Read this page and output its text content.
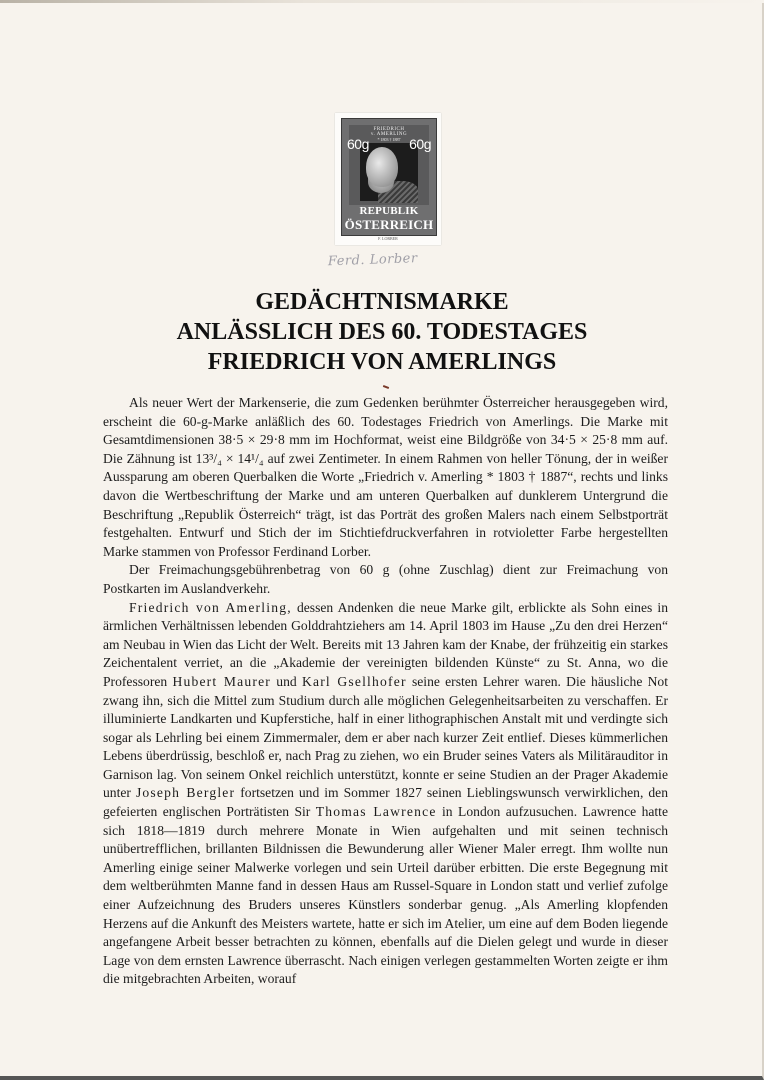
FRIEDRICH
v. AMERLING
* 1803 † 1887
60g	60g
REPUBLIK
ÖSTERREICH
F. LORBER
Ferd. Lorber
GEDÄCHTNISMARKE
ANLÄSSLICH DES 60. TODESTAGES
FRIEDRICH VON AMERLINGS

Als neuer Wert der Markenserie, die zum Gedenken berühmter Österreicher herausgegeben wird, erscheint die 60-g-Marke anläßlich des 60. Todestages Friedrich von Amerlings. Die Marke mit Gesamtdimensionen 38·5 × 29·8 mm im Hochformat, weist eine Bildgröße von 34·5 × 25·8 mm auf. Die Zähnung ist 13³/₄ × 14¹/₄ auf zwei Zentimeter. In einem Rahmen von heller Tönung, der in weißer Aussparung am oberen Querbalken die Worte „Friedrich v. Amerling * 1803 † 1887“, rechts und links davon die Wertbeschriftung der Marke und am unteren Querbalken auf dunklerem Untergrund die Beschriftung „Republik Österreich“ trägt, ist das Porträt des großen Malers nach einem Selbstporträt festgehalten. Entwurf und Stich der im Stichtiefdruckverfahren in rotvioletter Farbe hergestellten Marke stammen von Professor Ferdinand Lorber.

Der Freimachungsgebührenbetrag von 60 g (ohne Zuschlag) dient zur Freimachung von Postkarten im Auslandverkehr.

Friedrich von Amerling, dessen Andenken die neue Marke gilt, erblickte als Sohn eines in ärmlichen Verhältnissen lebenden Golddrahtziehers am 14. April 1803 im Hause „Zu den drei Herzen“ am Neubau in Wien das Licht der Welt. Bereits mit 13 Jahren kam der Knabe, der frühzeitig ein starkes Zeichentalent verriet, an die „Akademie der vereinigten bildenden Künste“ zu St. Anna, wo die Professoren Hubert Maurer und Karl Gsellhofer seine ersten Lehrer waren. Die häusliche Not zwang ihn, sich die Mittel zum Studium durch alle möglichen Gelegenheitsarbeiten zu verschaffen. Er illuminierte Landkarten und Kupferstiche, half in einer lithographischen Anstalt mit und verdingte sich sogar als Lehrling bei einem Zimmermaler, dem er aber nach kurzer Zeit entlief. Dieses kümmerlichen Lebens überdrüssig, beschloß er, nach Prag zu ziehen, wo ein Bruder seines Vaters als Militärauditor in Garnison lag. Von seinem Onkel reichlich unterstützt, konnte er seine Studien an der Prager Akademie unter Joseph Bergler fortsetzen und im Sommer 1827 seinen Lieblingswunsch verwirklichen, den gefeierten englischen Porträtisten Sir Thomas Lawrence in London aufzusuchen. Lawrence hatte sich 1818—1819 durch mehrere Monate in Wien aufgehalten und mit seinen technisch unübertrefflichen, brillanten Bildnissen die Bewunderung aller Wiener Maler erregt. Ihm wollte nun Amerling einige seiner Malwerke vorlegen und sein Urteil darüber erbitten. Die erste Begegnung mit dem weltberühmten Manne fand in dessen Haus am Russel-Square in London statt und verlief zufolge einer Aufzeichnung des Bruders unseres Künstlers sonderbar genug. „Als Amerling klopfenden Herzens auf die Ankunft des Meisters wartete, hatte er sich im Atelier, um eine auf dem Boden liegende angefangene Arbeit besser betrachten zu können, ebenfalls auf die Dielen gelegt und wurde in dieser Lage von dem ernsten Lawrence überrascht. Nach einigen verlegen gestammelten Worten zeigte er ihm die mitgebrachten Arbeiten, worauf
